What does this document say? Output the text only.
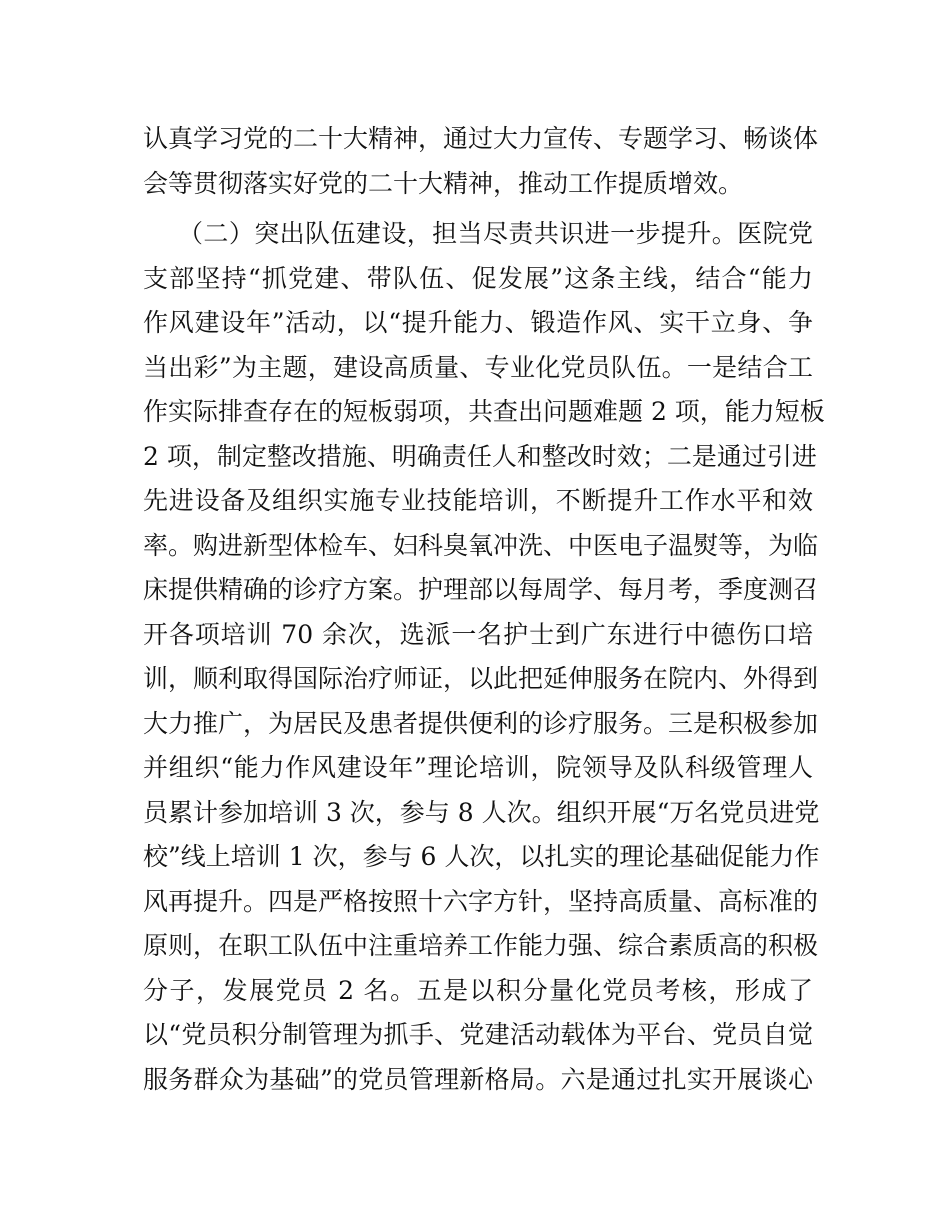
认真学习党的二十大精神，通过大力宣传、专题学习、畅谈体
会等贯彻落实好党的二十大精神，推动工作提质增效。
（二）突出队伍建设，担当尽责共识进一步提升。医院党
支部坚持“抓党建、带队伍、促发展”这条主线，结合“能力
作风建设年”活动，以“提升能力、锻造作风、实干立身、争
当出彩”为主题，建设高质量、专业化党员队伍。一是结合工
作实际排查存在的短板弱项，共查出问题难题 2 项，能力短板
2 项，制定整改措施、明确责任人和整改时效；二是通过引进
先进设备及组织实施专业技能培训，不断提升工作水平和效
率。购进新型体检车、妇科臭氧冲洗、中医电子温熨等，为临
床提供精确的诊疗方案。护理部以每周学、每月考，季度测召
开各项培训 70 余次，选派一名护士到广东进行中德伤口培
训，顺利取得国际治疗师证，以此把延伸服务在院内、外得到
大力推广，为居民及患者提供便利的诊疗服务。三是积极参加
并组织“能力作风建设年”理论培训，院领导及队科级管理人
员累计参加培训 3 次，参与 8 人次。组织开展“万名党员进党
校”线上培训 1 次，参与 6 人次，以扎实的理论基础促能力作
风再提升。四是严格按照十六字方针，坚持高质量、高标准的
原则，在职工队伍中注重培养工作能力强、综合素质高的积极
分子，发展党员 2 名。五是以积分量化党员考核，形成了
以“党员积分制管理为抓手、党建活动载体为平台、党员自觉
服务群众为基础”的党员管理新格局。六是通过扎实开展谈心
